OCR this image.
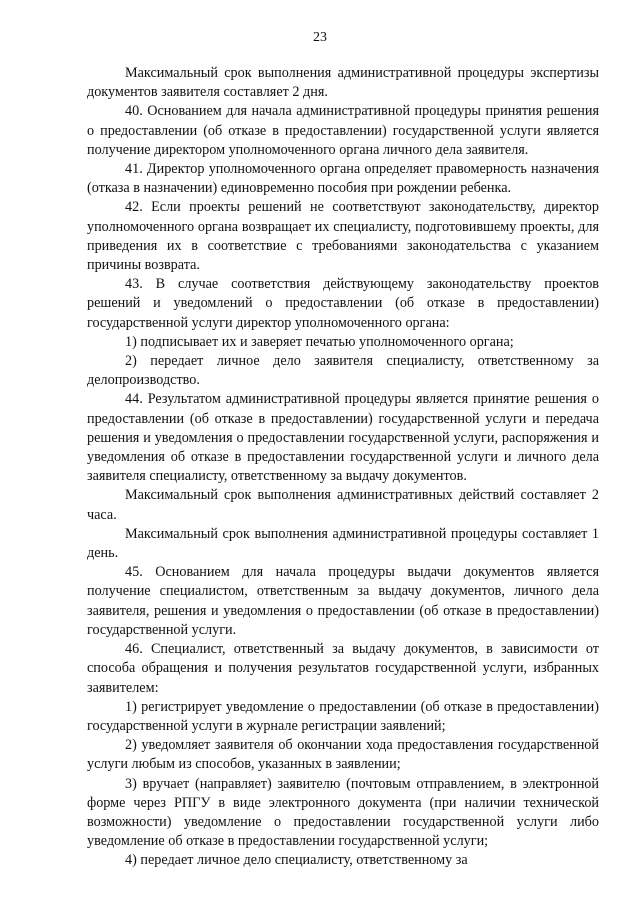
23

Максимальный срок выполнения административной процедуры экспертизы документов заявителя составляет 2 дня.

40. Основанием для начала административной процедуры принятия решения о предоставлении (об отказе в предоставлении) государственной услуги является получение директором уполномоченного органа личного дела заявителя.

41. Директор уполномоченного органа определяет правомерность назначения (отказа в назначении) единовременно пособия при рождении ребенка.

42. Если проекты решений не соответствуют законодательству, директор уполномоченного органа возвращает их специалисту, подготовившему проекты, для приведения их в соответствие с требованиями законодательства с указанием причины возврата.

43. В случае соответствия действующему законодательству проектов решений и уведомлений о предоставлении (об отказе в предоставлении) государственной услуги директор уполномоченного органа:

1) подписывает их и заверяет печатью уполномоченного органа;

2) передает личное дело заявителя специалисту, ответственному за делопроизводство.

44. Результатом административной процедуры является принятие решения о предоставлении (об отказе в предоставлении) государственной услуги и передача решения и уведомления о предоставлении государственной услуги, распоряжения и уведомления об отказе в предоставлении государственной услуги и личного дела заявителя специалисту, ответственному за выдачу документов.

Максимальный срок выполнения административных действий составляет 2 часа.

Максимальный срок выполнения административной процедуры составляет 1 день.

45. Основанием для начала процедуры выдачи документов является получение специалистом, ответственным за выдачу документов, личного дела заявителя, решения и уведомления о предоставлении (об отказе в предоставлении) государственной услуги.

46. Специалист, ответственный за выдачу документов, в зависимости от способа обращения и получения результатов государственной услуги, избранных заявителем:

1) регистрирует уведомление о предоставлении (об отказе в предоставлении) государственной услуги в журнале регистрации заявлений;

2) уведомляет заявителя об окончании хода предоставления государственной услуги любым из способов, указанных в заявлении;

3) вручает (направляет) заявителю (почтовым отправлением, в электронной форме через РПГУ в виде электронного документа (при наличии технической возможности) уведомление о предоставлении государственной услуги либо уведомление об отказе в предоставлении государственной услуги;

4) передает личное дело специалисту, ответственному за
